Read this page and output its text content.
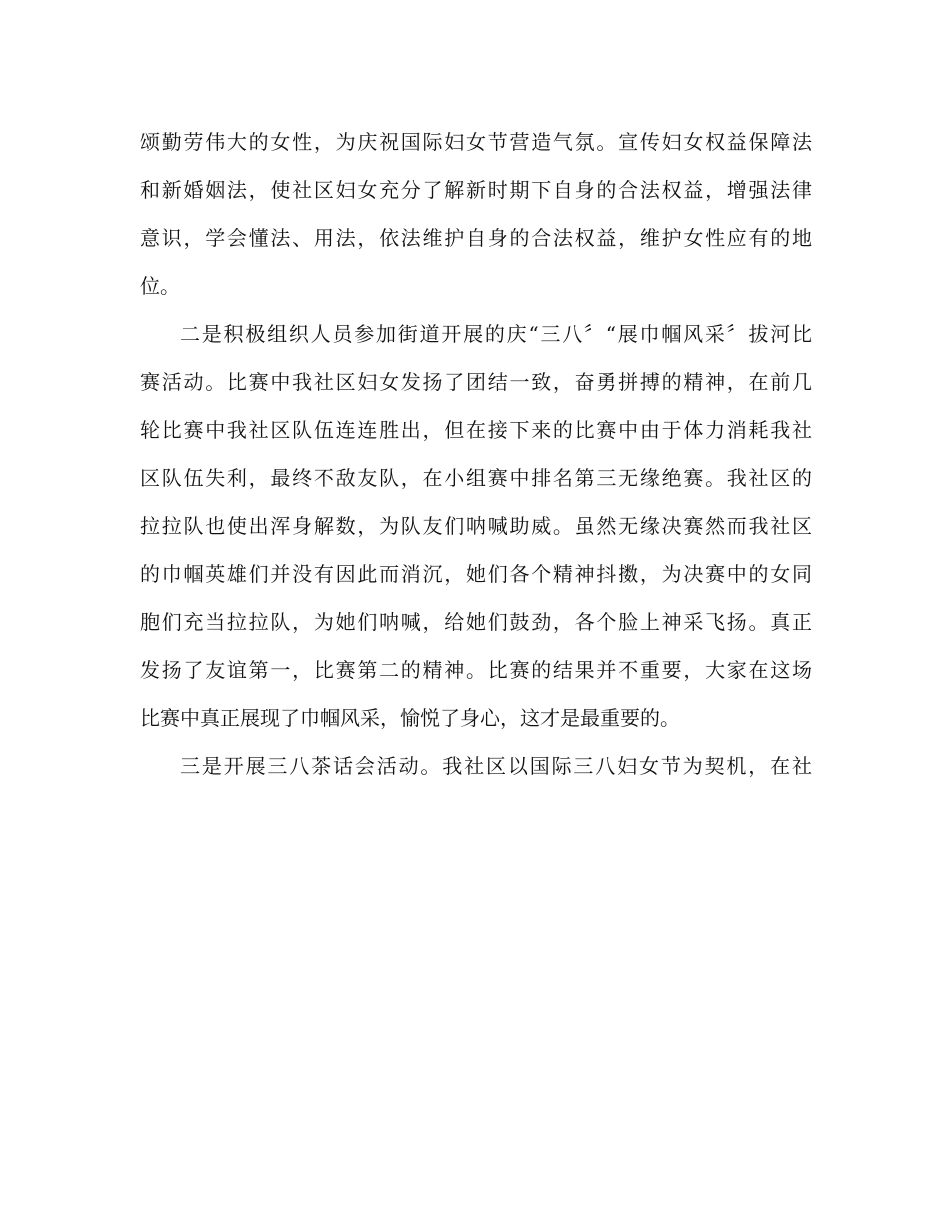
颂勤劳伟大的女性，为庆祝国际妇女节营造气氛。宣传妇女权益保障法
和新婚姻法，使社区妇女充分了解新时期下自身的合法权益，增强法律
意识，学会懂法、用法，依法维护自身的合法权益，维护女性应有的地
位。
二是积极组织人员参加街道开展的庆“三八〞“展巾帼风采〞拔河比
赛活动。比赛中我社区妇女发扬了团结一致，奋勇拼搏的精神，在前几
轮比赛中我社区队伍连连胜出，但在接下来的比赛中由于体力消耗我社
区队伍失利，最终不敌友队，在小组赛中排名第三无缘绝赛。我社区的
拉拉队也使出浑身解数，为队友们呐喊助威。虽然无缘决赛然而我社区
的巾帼英雄们并没有因此而消沉，她们各个精神抖擞，为决赛中的女同
胞们充当拉拉队，为她们呐喊，给她们鼓劲，各个脸上神采飞扬。真正
发扬了友谊第一，比赛第二的精神。比赛的结果并不重要，大家在这场
比赛中真正展现了巾帼风采，愉悦了身心，这才是最重要的。
三是开展三八茶话会活动。我社区以国际三八妇女节为契机，在社
